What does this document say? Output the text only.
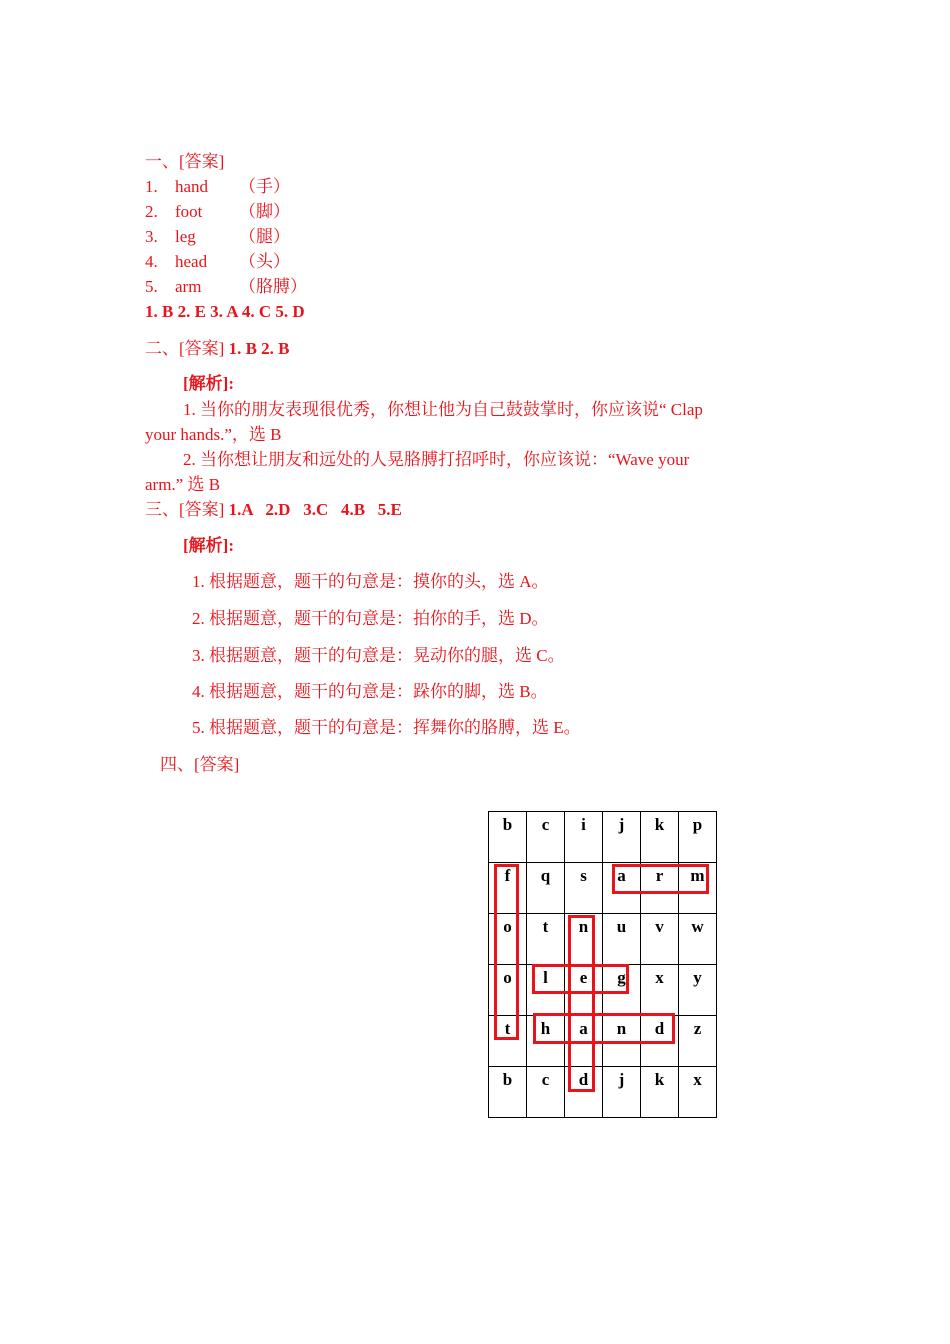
一、[答案]
1. hand （手）
2. foot （脚）
3. leg	（腿）
4. head （头）
5. arm （胳膊）
1. B 2. E 3. A 4. C 5. D
二、[答案] 1. B 2. B
[解析]:
1. 当你的朋友表现很优秀，你想让他为自己鼓鼓掌时，你应该说“ Clap
your hands.”，选 B
2. 当你想让朋友和远处的人晃胳膊打招呼时，你应该说：“Wave your
arm.” 选 B
三、[答案] 1.A   2.D   3.C   4.B   5.E
[解析]:
1. 根据题意，题干的句意是：摸你的头，选 A。
2. 根据题意，题干的句意是：拍你的手，选 D。
3. 根据题意，题干的句意是：晃动你的腿，选 C。
4. 根据题意，题干的句意是：跺你的脚，选 B。
5. 根据题意，题干的句意是：挥舞你的胳膊，选 E。
四、[答案]
b	c	i	j	k	p
f	q	s	a	r	m
o	t	n	u	v	w
o	l	e	g	x	y
t	h	a	n	d	z
b	c	d	j	k	x
